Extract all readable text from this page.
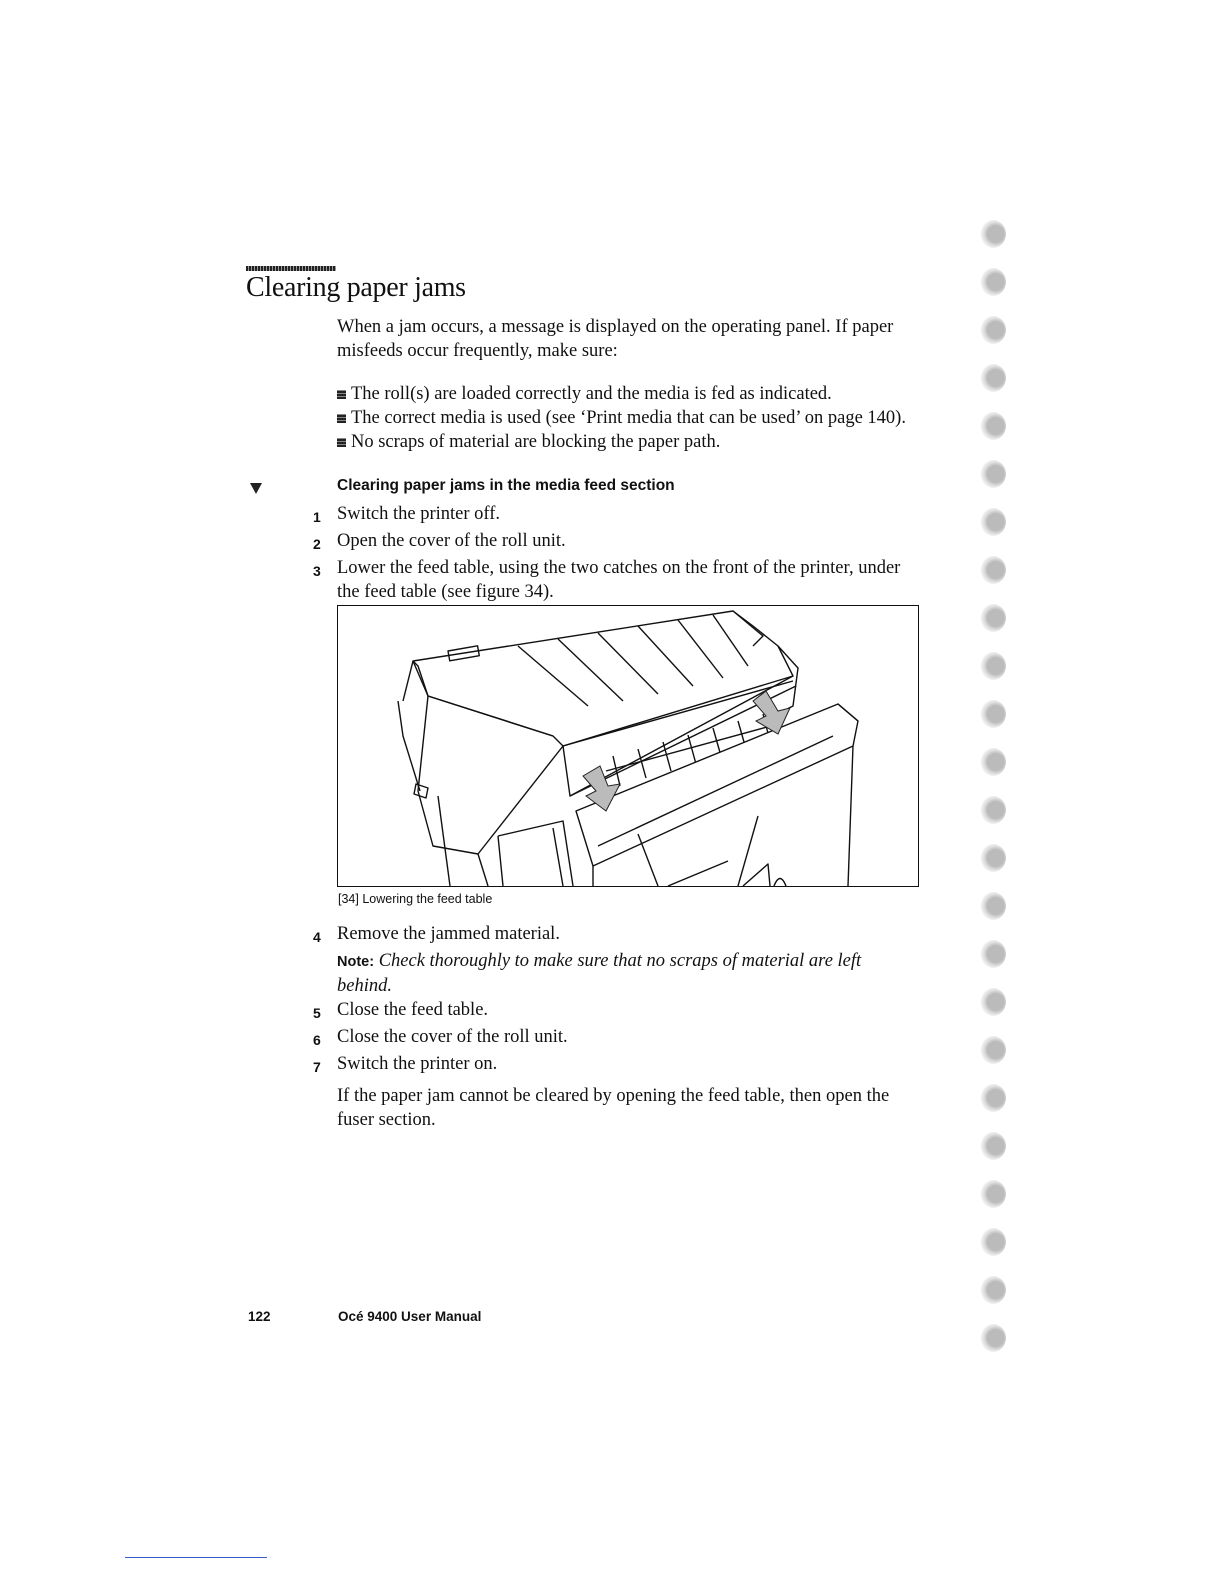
Clearing paper jams

When a jam occurs, a message is displayed on the operating panel. If paper misfeeds occur frequently, make sure:

The roll(s) are loaded correctly and the media is fed as indicated.
The correct media is used (see ‘Print media that can be used’ on page 140).
No scraps of material are blocking the paper path.
Clearing paper jams in the media feed section
1 Switch the printer off.
2 Open the cover of the roll unit.
3 Lower the feed table, using the two catches on the front of the printer, under the feed table (see figure 34).
[34] Lowering the feed table
4 Remove the jammed material.
Note: Check thoroughly to make sure that no scraps of material are left behind.
5 Close the feed table.
6 Close the cover of the roll unit.
7 Switch the printer on.

If the paper jam cannot be cleared by opening the feed table, then open the fuser section.

122	Océ 9400 User Manual
